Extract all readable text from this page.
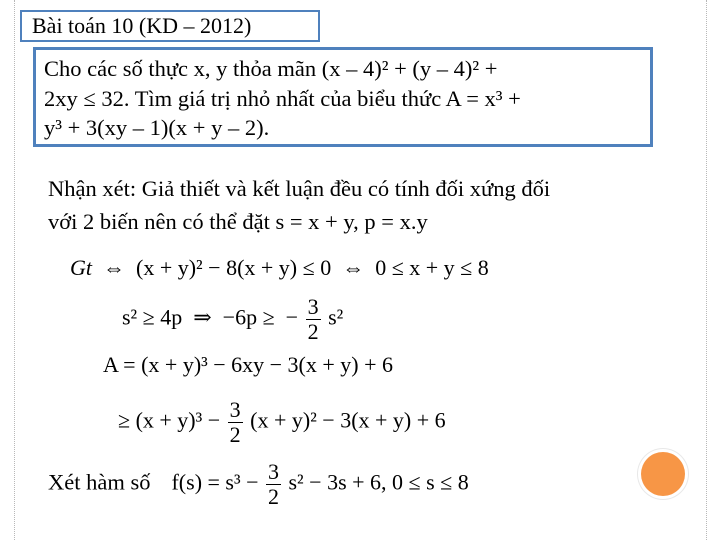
Bài toán 10 (KD – 2012)
Cho các số thực x, y thỏa mãn (x – 4)² + (y – 4)² +
2xy ≤ 32. Tìm giá trị nhỏ nhất của biểu thức A = x³ +
y³ + 3(xy – 1)(x + y – 2).
Nhận xét: Giả thiết và kết luận đều có tính đối xứng đối
với 2 biến nên có thể đặt s = x + y, p = x.y
Gt  ⇔  (x + y)² − 8(x + y) ≤ 0  ⇔  0 ≤ x + y ≤ 8
s² ≥ 4p  ⇒  −6p ≥  − $\frac{3}{2} s^2$
A = (x + y)³ − 6xy − 3(x + y) + 6
≥ $(x + y)^3 - \frac{3}{2} (x + y)^2 - 3(x + y) + 6$
Xét hàm số $f(s) = s^3 - \frac{3}{2} s^2 - 3s + 6$, 0 ≤ s ≤ 8
